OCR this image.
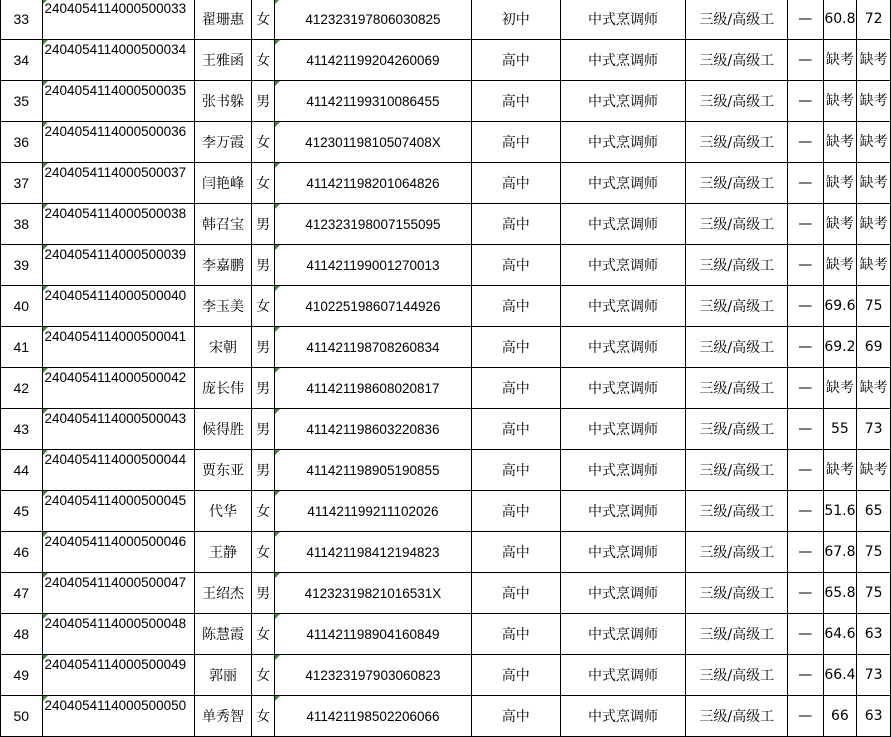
33	2404054114000500033	翟珊惠	女	412323197806030825	初中	中式烹调师	三级/高级工	—	60.8	72
34	2404054114000500034	王雅函	女	411421199204260069	高中	中式烹调师	三级/高级工	—	缺考	缺考
35	2404054114000500035	张书躲	男	411421199310086455	高中	中式烹调师	三级/高级工	—	缺考	缺考
36	2404054114000500036	李万霞	女	41230119810507408X	高中	中式烹调师	三级/高级工	—	缺考	缺考
37	2404054114000500037	闫艳峰	女	411421198201064826	高中	中式烹调师	三级/高级工	—	缺考	缺考
38	2404054114000500038	韩召宝	男	412323198007155095	高中	中式烹调师	三级/高级工	—	缺考	缺考
39	2404054114000500039	李嘉鹏	男	411421199001270013	高中	中式烹调师	三级/高级工	—	缺考	缺考
40	2404054114000500040	李玉美	女	410225198607144926	高中	中式烹调师	三级/高级工	—	69.6	75
41	2404054114000500041	宋朝	男	411421198708260834	高中	中式烹调师	三级/高级工	—	69.2	69
42	2404054114000500042	庞长伟	男	411421198608020817	高中	中式烹调师	三级/高级工	—	缺考	缺考
43	2404054114000500043	候得胜	男	411421198603220836	高中	中式烹调师	三级/高级工	—	55	73
44	2404054114000500044	贾东亚	男	411421198905190855	高中	中式烹调师	三级/高级工	—	缺考	缺考
45	2404054114000500045	代华	女	411421199211102026	高中	中式烹调师	三级/高级工	—	51.6	65
46	2404054114000500046	王静	女	411421198412194823	高中	中式烹调师	三级/高级工	—	67.8	75
47	2404054114000500047	王绍杰	男	41232319821016531X	高中	中式烹调师	三级/高级工	—	65.8	75
48	2404054114000500048	陈慧霞	女	411421198904160849	高中	中式烹调师	三级/高级工	—	64.6	63
49	2404054114000500049	郭丽	女	412323197903060823	高中	中式烹调师	三级/高级工	—	66.4	73
50	2404054114000500050	单秀智	女	411421198502206066	高中	中式烹调师	三级/高级工	—	66	63
